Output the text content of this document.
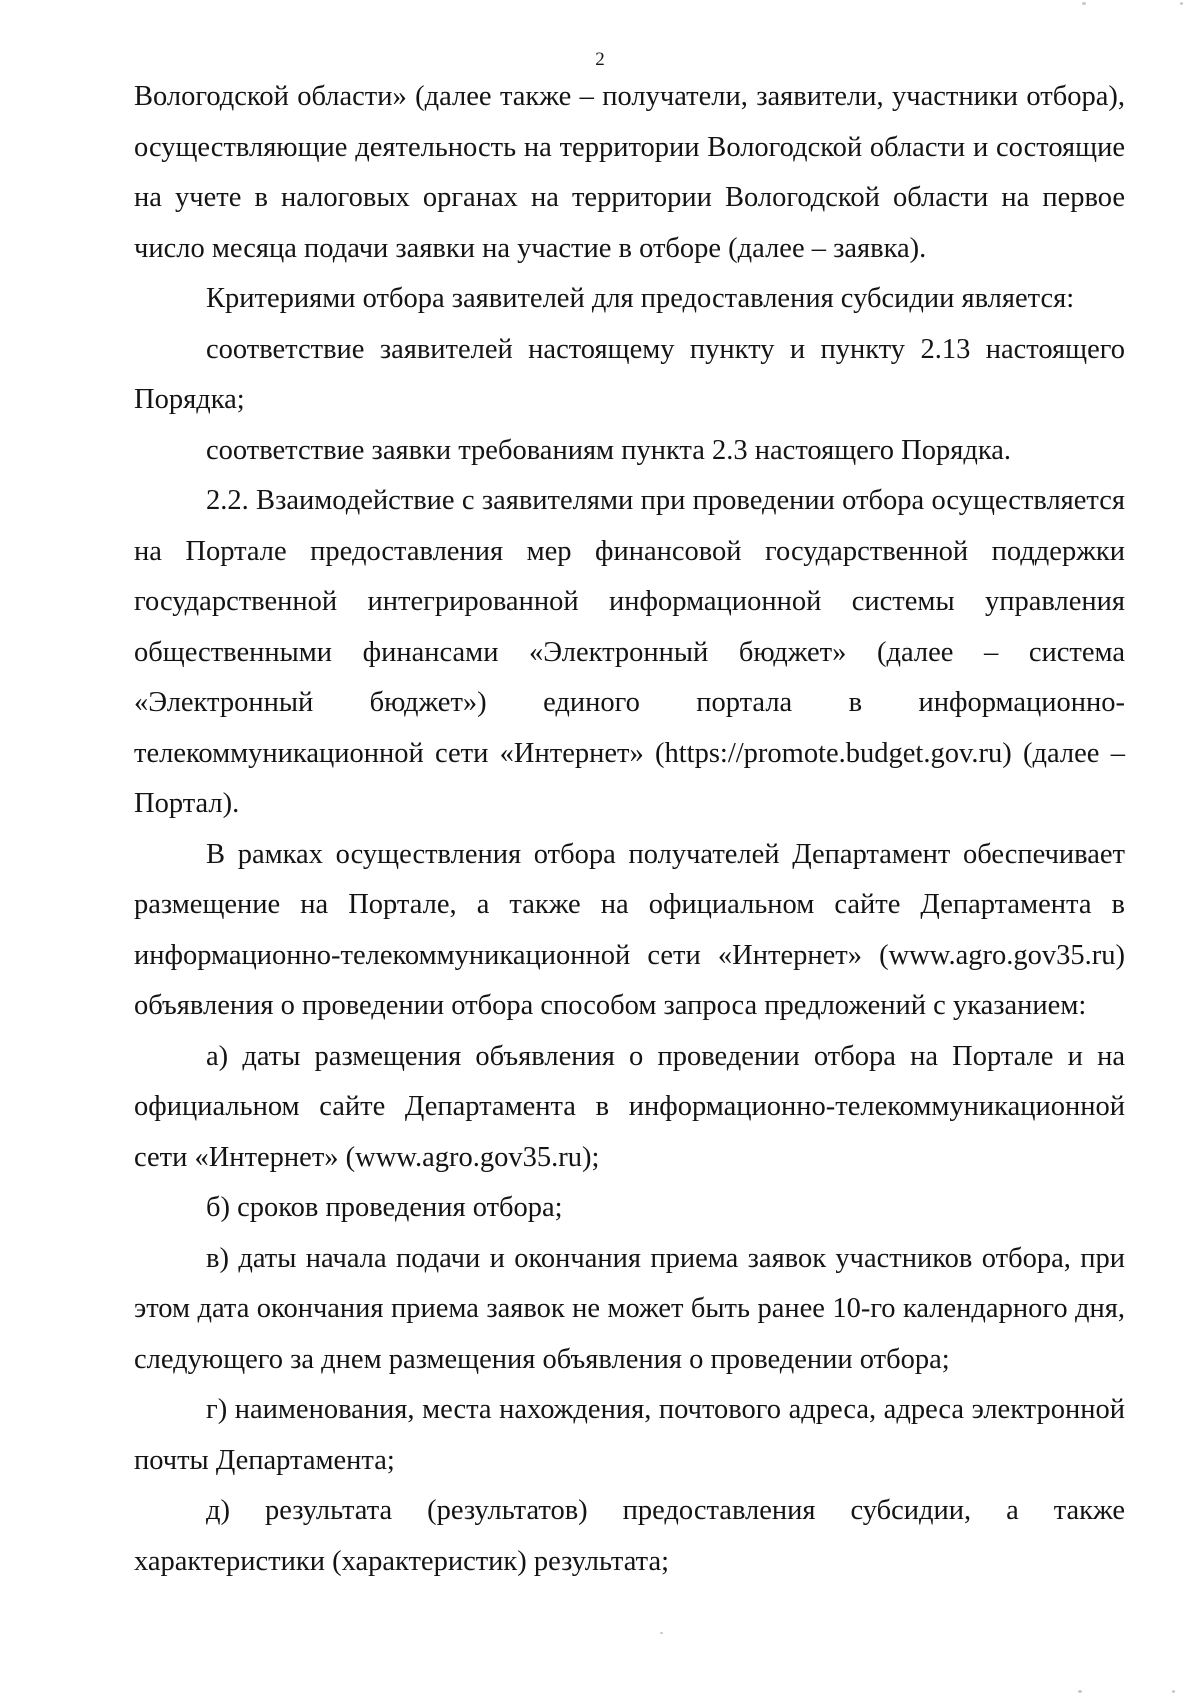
2

Вологодской области» (далее также – получатели, заявители, участники отбора), осуществляющие деятельность на территории Вологодской области и состоящие на учете в налоговых органах на территории Вологодской области на первое число месяца подачи заявки на участие в отборе (далее – заявка).

Критериями отбора заявителей для предоставления субсидии является:

соответствие заявителей настоящему пункту и пункту 2.13 настоящего Порядка;

соответствие заявки требованиям пункта 2.3 настоящего Порядка.

2.2. Взаимодействие с заявителями при проведении отбора осуществляется на Портале предоставления мер финансовой государственной поддержки государственной интегрированной информационной системы управления общественными финансами «Электронный бюджет» (далее – система «Электронный бюджет») единого портала в информационно-телекоммуникационной сети «Интернет» (https://promote.budget.gov.ru) (далее – Портал).

В рамках осуществления отбора получателей Департамент обеспечивает размещение на Портале, а также на официальном сайте Департамента в информационно-телекоммуникационной сети «Интернет» (www.agro.gov35.ru) объявления о проведении отбора способом запроса предложений с указанием:

а) даты размещения объявления о проведении отбора на Портале и на официальном сайте Департамента в информационно-телекоммуникационной сети «Интернет» (www.agro.gov35.ru);

б) сроков проведения отбора;

в) даты начала подачи и окончания приема заявок участников отбора, при этом дата окончания приема заявок не может быть ранее 10-го календарного дня, следующего за днем размещения объявления о проведении отбора;

г) наименования, места нахождения, почтового адреса, адреса электронной почты Департамента;

д) результата (результатов) предоставления субсидии, а также характеристики (характеристик) результата;
